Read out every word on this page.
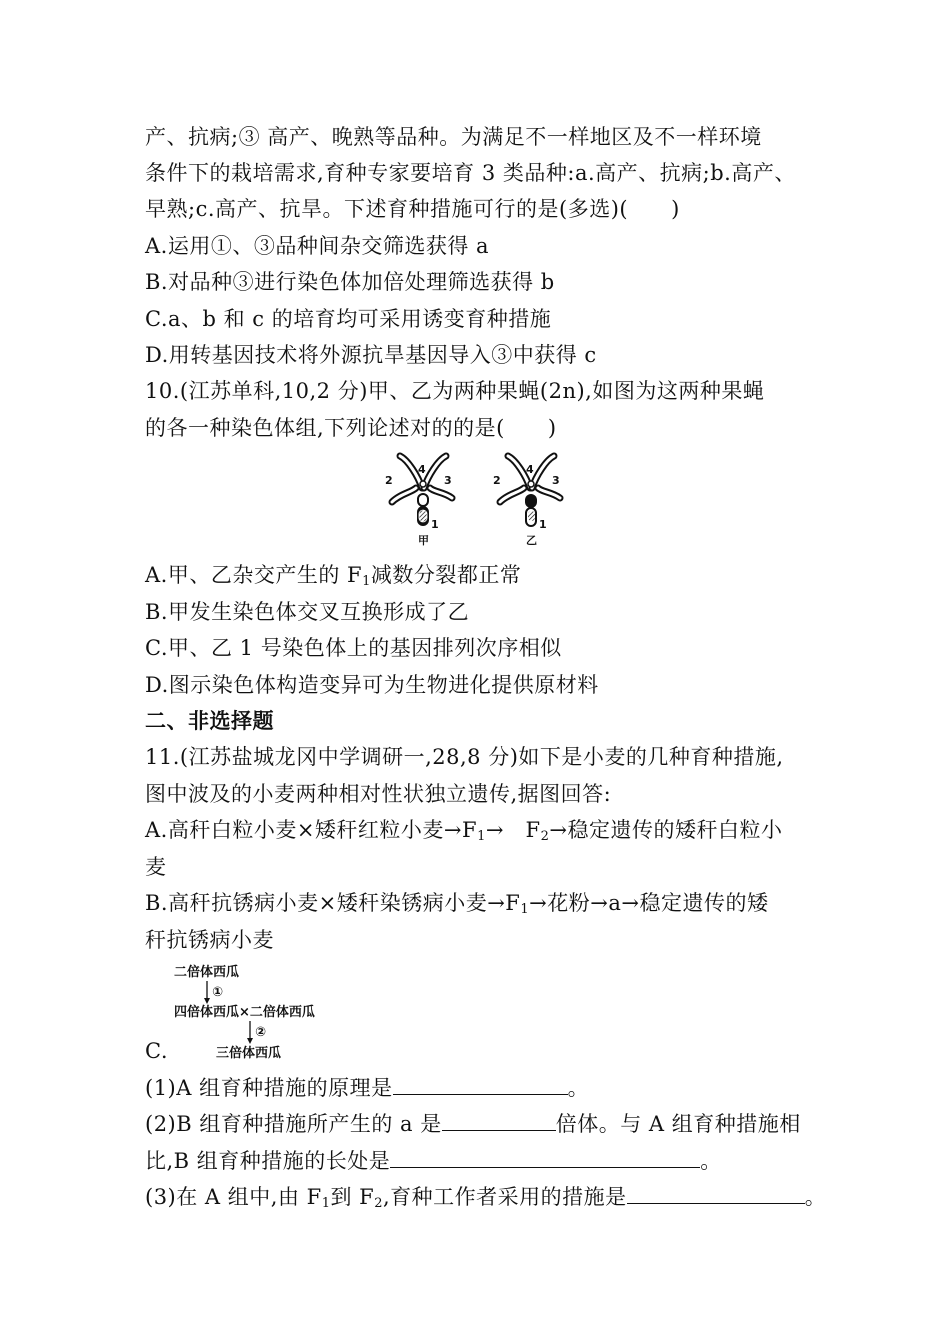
产、抗病;③ 高产、晚熟等品种。为满足不一样地区及不一样环境
条件下的栽培需求,育种专家要培育 3 类品种:a.高产、抗病;b.高产、
早熟;c.高产、抗旱。下述育种措施可行的是(多选)(　　)
A.运用①、③品种间杂交筛选获得 a
B.对品种③进行染色体加倍处理筛选获得 b
C.a、b 和 c 的培育均可采用诱变育种措施
D.用转基因技术将外源抗旱基因导入③中获得 c
10.(江苏单科,10,2 分)甲、乙为两种果蝇(2n),如图为这两种果蝇
的各一种染色体组,下列论述对的的是(　　)
4
2	3
1
甲
4
2	3
1
乙
A.甲、乙杂交产生的 $F_1$减数分裂都正常
B.甲发生染色体交叉互换形成了乙
C.甲、乙 1 号染色体上的基因排列次序相似
D.图示染色体构造变异可为生物进化提供原材料
二、非选择题
11.(江苏盐城龙冈中学调研一,28,8 分)如下是小麦的几种育种措施,
图中波及的小麦两种相对性状独立遗传,据图回答:
A.高秆白粒小麦×矮秆红粒小麦$\to F_1\to$　$F_2\to$稳定遗传的矮秆白粒小
麦
B.高秆抗锈病小麦×矮秆染锈病小麦$\to F_1\to$花粉→a→稳定遗传的矮
秆抗锈病小麦
二倍体西瓜
①
四倍体西瓜×二倍体西瓜
②
三倍体西瓜
C.
(1)A 组育种措施的原理是	。
(2)B 组育种措施所产生的 a 是	倍体。与 A 组育种措施相
比,B 组育种措施的长处是	。
(3)在 A 组中,由 $F_1$到 $F_2$,育种工作者采用的措施是	。
